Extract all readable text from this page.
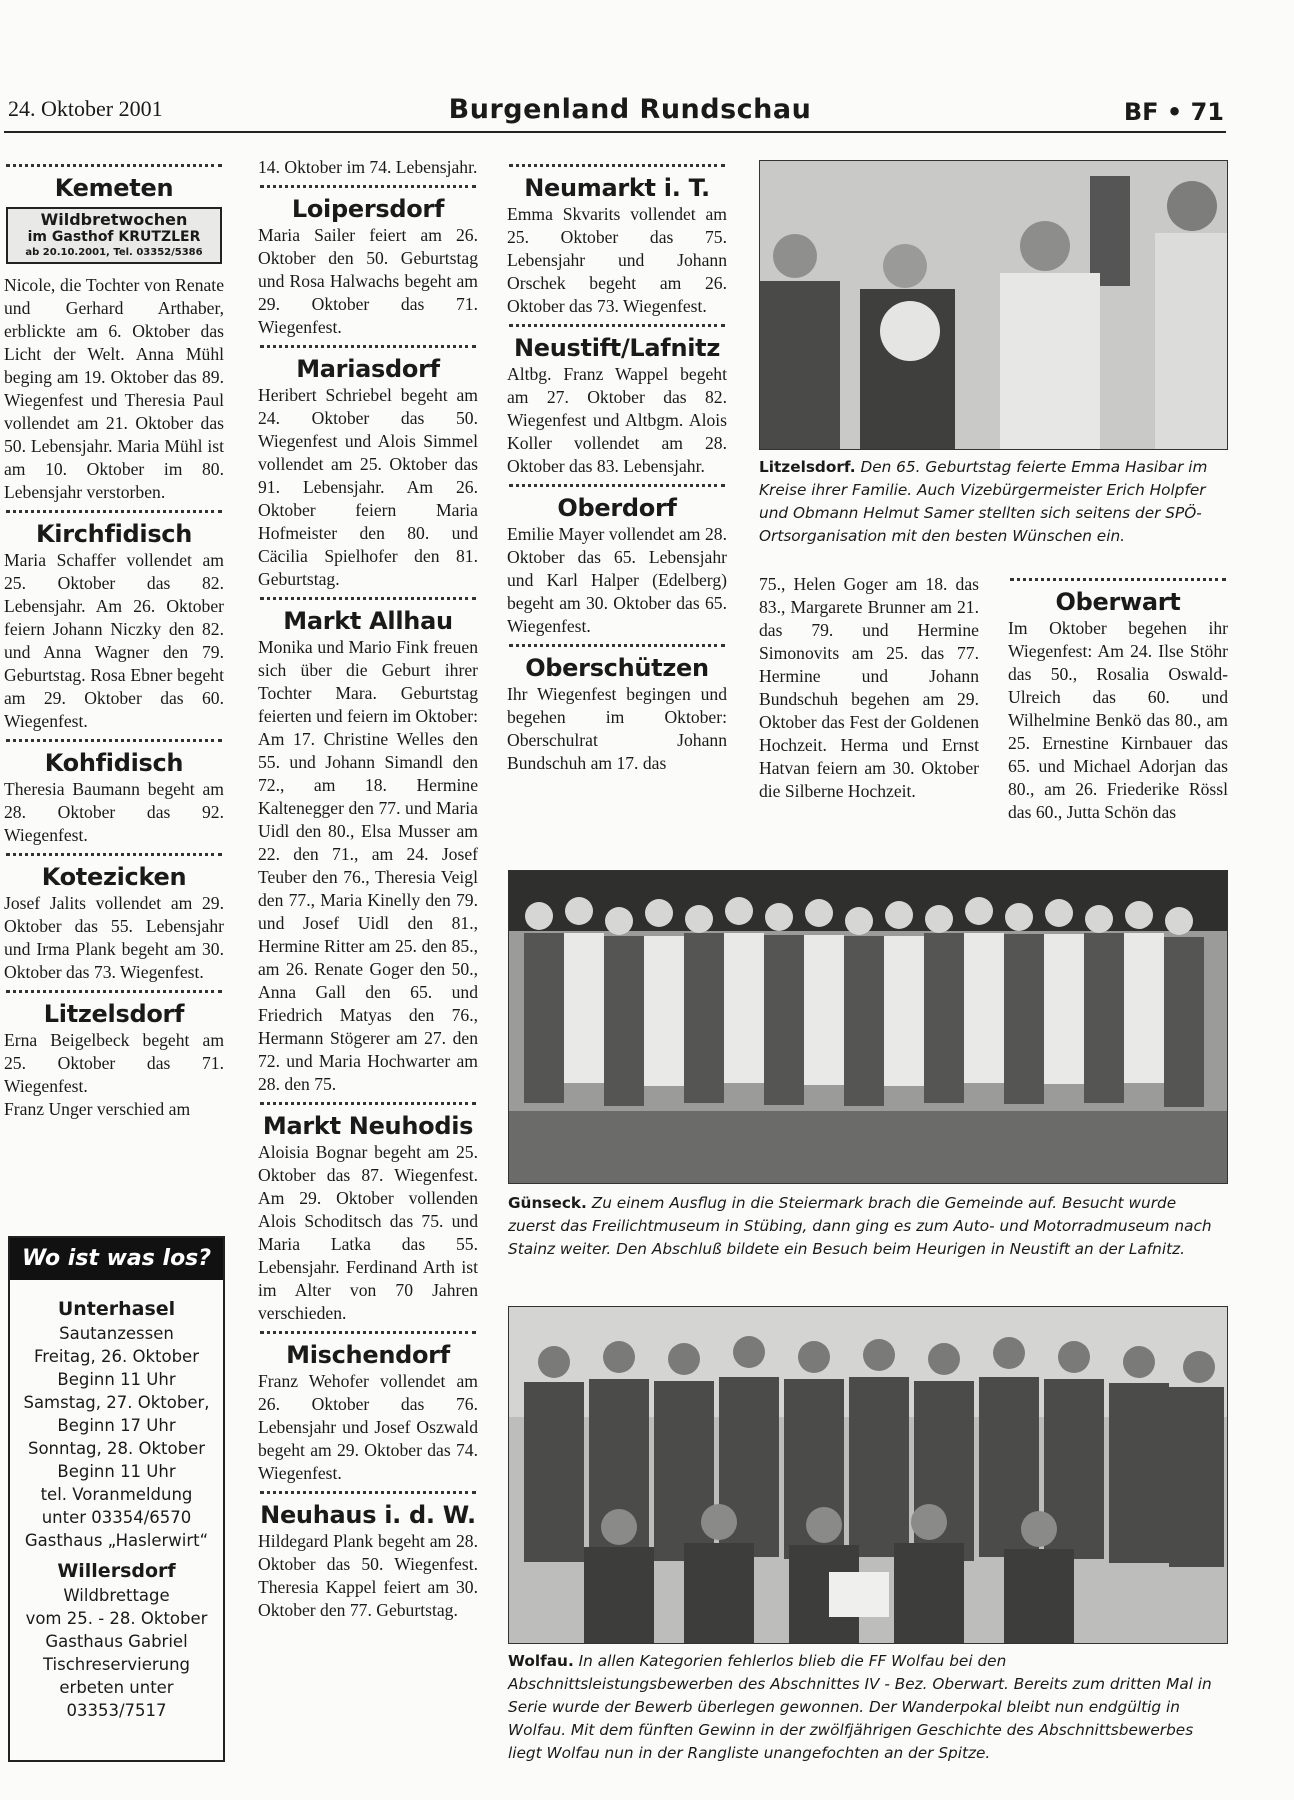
24. Oktober 2001	Burgenland Rundschau	BF • 71
Kemeten
Wildbretwochen
im Gasthof KRUTZLER
ab 20.10.2001, Tel. 03352/5386

Nicole, die Tochter von Renate und Gerhard Arthaber, erblickte am 6. Oktober das Licht der Welt. Anna Mühl beging am 19. Oktober das 89. Wiegenfest und Theresia Paul vollendet am 21. Oktober das 50. Lebensjahr. Maria Mühl ist am 10. Oktober im 80. Lebensjahr verstorben.

Kirchfidisch

Maria Schaffer vollendet am 25. Oktober das 82. Lebensjahr. Am 26. Oktober feiern Johann Niczky den 82. und Anna Wagner den 79. Geburtstag. Rosa Ebner begeht am 29. Oktober das 60. Wiegenfest.

Kohfidisch

Theresia Baumann begeht am 28. Oktober das 92. Wiegenfest.

Kotezicken

Josef Jalits vollendet am 29. Oktober das 55. Lebensjahr und Irma Plank begeht am 30. Oktober das 73. Wiegenfest.

Litzelsdorf

Erna Beigelbeck begeht am 25. Oktober das 71. Wiegenfest.

Franz Unger verschied am

Wo ist was los?
Unterhasel
Sautanzessen
Freitag, 26. Oktober
Beginn 11 Uhr
Samstag, 27. Oktober,
Beginn 17 Uhr
Sonntag, 28. Oktober
Beginn 11 Uhr
tel. Voranmeldung
unter 03354/6570
Gasthaus „Haslerwirt“
Willersdorf
Wildbrettage
vom 25. - 28. Oktober
Gasthaus Gabriel
Tischreservierung
erbeten unter
03353/7517

14. Oktober im 74. Lebensjahr.

Loipersdorf

Maria Sailer feiert am 26. Oktober den 50. Geburtstag und Rosa Halwachs begeht am 29. Oktober das 71. Wiegenfest.

Mariasdorf

Heribert Schriebel begeht am 24. Oktober das 50. Wiegenfest und Alois Simmel vollendet am 25. Oktober das 91. Lebensjahr. Am 26. Oktober feiern Maria Hofmeister den 80. und Cäcilia Spielhofer den 81. Geburtstag.

Markt Allhau

Monika und Mario Fink freuen sich über die Geburt ihrer Tochter Mara. Geburtstag feierten und feiern im Oktober: Am 17. Christine Welles den 55. und Johann Simandl den 72., am 18. Hermine Kaltenegger den 77. und Maria Uidl den 80., Elsa Musser am 22. den 71., am 24. Josef Teuber den 76., Theresia Veigl den 77., Maria Kinelly den 79. und Josef Uidl den 81., Hermine Ritter am 25. den 85., am 26. Renate Goger den 50., Anna Gall den 65. und Friedrich Matyas den 76., Hermann Stögerer am 27. den 72. und Maria Hochwarter am 28. den 75.

Markt Neuhodis

Aloisia Bognar begeht am 25. Oktober das 87. Wiegenfest. Am 29. Oktober vollenden Alois Schoditsch das 75. und Maria Latka das 55. Lebensjahr. Ferdinand Arth ist im Alter von 70 Jahren verschieden.

Mischendorf

Franz Wehofer vollendet am 26. Oktober das 76. Lebensjahr und Josef Oszwald begeht am 29. Oktober das 74. Wiegenfest.

Neuhaus i. d. W.

Hildegard Plank begeht am 28. Oktober das 50. Wiegenfest. Theresia Kappel feiert am 30. Oktober den 77. Geburtstag.

Neumarkt i. T.

Emma Skvarits vollendet am 25. Oktober das 75. Lebensjahr und Johann Orschek begeht am 26. Oktober das 73. Wiegenfest.

Neustift/Lafnitz

Altbg. Franz Wappel begeht am 27. Oktober das 82. Wiegenfest und Altbgm. Alois Koller vollendet am 28. Oktober das 83. Lebensjahr.

Oberdorf

Emilie Mayer vollendet am 28. Oktober das 65. Lebensjahr und Karl Halper (Edelberg) begeht am 30. Oktober das 65. Wiegenfest.

Oberschützen

Ihr Wiegenfest begingen und begehen im Oktober: Oberschulrat Johann Bundschuh am 17. das

Litzelsdorf. Den 65. Geburtstag feierte Emma Hasibar im Kreise ihrer Familie. Auch Vizebürgermeister Erich Holpfer und Obmann Helmut Samer stellten sich seitens der SPÖ-Ortsorganisation mit den besten Wünschen ein.

75., Helen Goger am 18. das 83., Margarete Brunner am 21. das 79. und Hermine Simonovits am 25. das 77. Hermine und Johann Bundschuh begehen am 29. Oktober das Fest der Goldenen Hochzeit. Herma und Ernst Hatvan feiern am 30. Oktober die Silberne Hochzeit.

Oberwart

Im Oktober begehen ihr Wiegenfest: Am 24. Ilse Stöhr das 50., Rosalia Oswald-Ulreich das 60. und Wilhelmine Benkö das 80., am 25. Ernestine Kirnbauer das 65. und Michael Adorjan das 80., am 26. Friederike Rössl das 60., Jutta Schön das

Günseck. Zu einem Ausflug in die Steiermark brach die Gemeinde auf. Besucht wurde zuerst das Freilichtmuseum in Stübing, dann ging es zum Auto- und Motorradmuseum nach Stainz weiter. Den Abschluß bildete ein Besuch beim Heurigen in Neustift an der Lafnitz.
Wolfau. In allen Kategorien fehlerlos blieb die FF Wolfau bei den Abschnittsleistungsbewerben des Abschnittes IV - Bez. Oberwart. Bereits zum dritten Mal in Serie wurde der Bewerb überlegen gewonnen. Der Wanderpokal bleibt nun endgültig in Wolfau. Mit dem fünften Gewinn in der zwölfjährigen Geschichte des Abschnittsbewerbes liegt Wolfau nun in der Rangliste unangefochten an der Spitze.
